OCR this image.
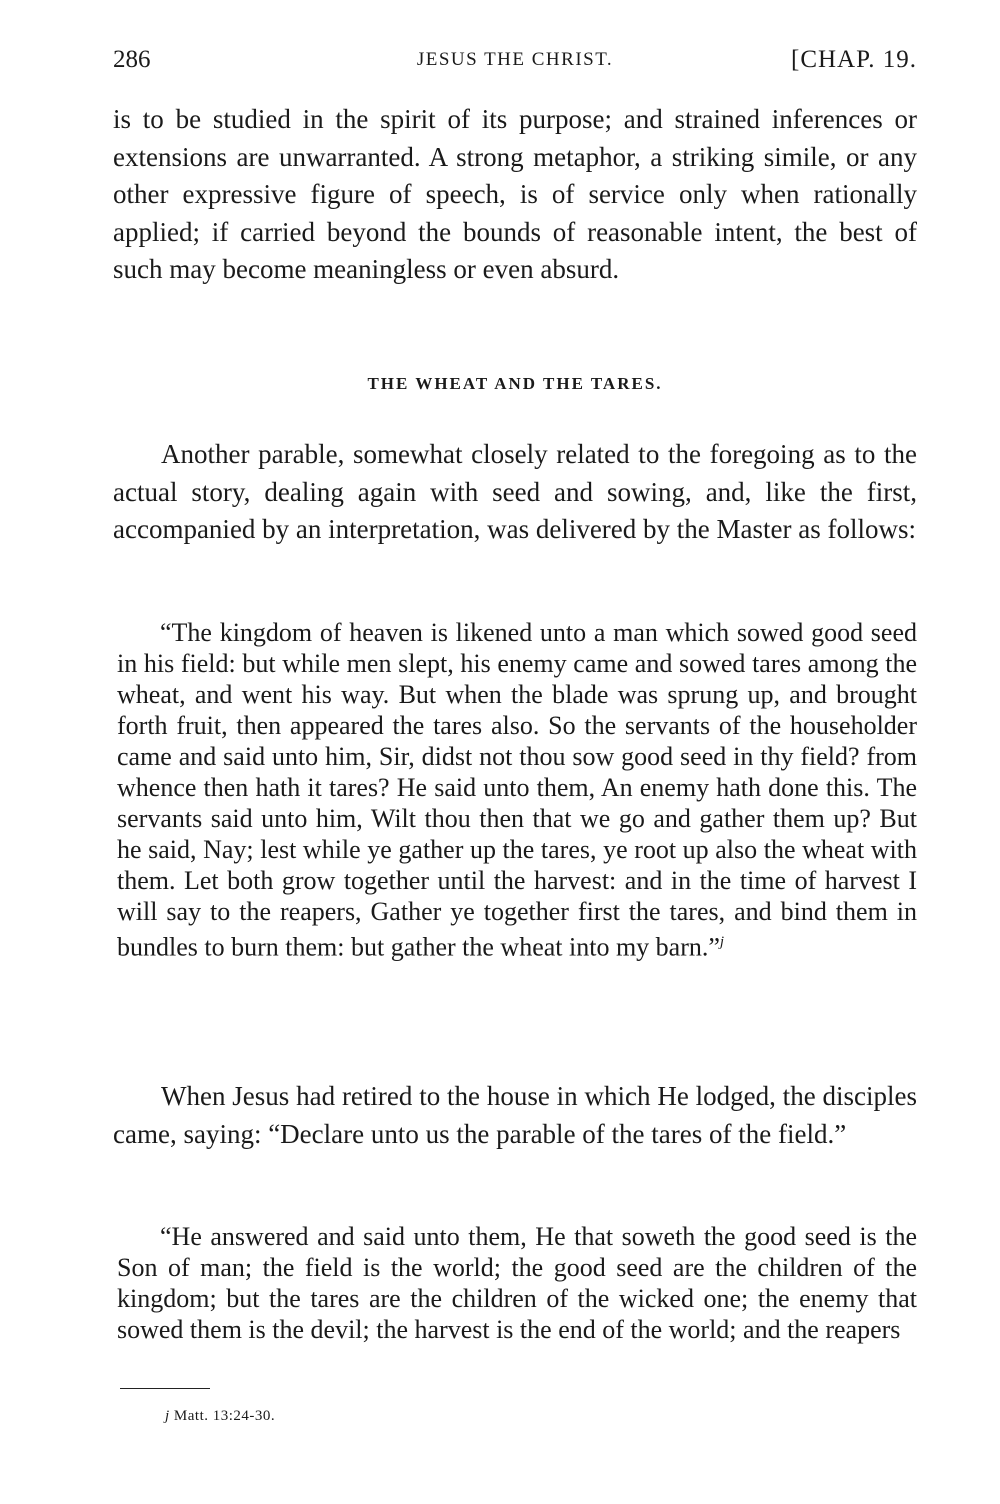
286	JESUS THE CHRIST.	[CHAP. 19.

is to be studied in the spirit of its purpose; and strained inferences or extensions are unwarranted. A strong metaphor, a striking simile, or any other expressive figure of speech, is of service only when rationally applied; if carried beyond the bounds of reasonable intent, the best of such may become meaningless or even absurd.

THE WHEAT AND THE TARES.

Another parable, somewhat closely related to the foregoing as to the actual story, dealing again with seed and sowing, and, like the first, accompanied by an interpretation, was delivered by the Master as follows:

“The kingdom of heaven is likened unto a man which sowed good seed in his field: but while men slept, his enemy came and sowed tares among the wheat, and went his way. But when the blade was sprung up, and brought forth fruit, then appeared the tares also. So the servants of the householder came and said unto him, Sir, didst not thou sow good seed in thy field? from whence then hath it tares? He said unto them, An enemy hath done this. The servants said unto him, Wilt thou then that we go and gather them up? But he said, Nay; lest while ye gather up the tares, ye root up also the wheat with them. Let both grow together until the harvest: and in the time of harvest I will say to the reapers, Gather ye together first the tares, and bind them in bundles to burn them: but gather the wheat into my barn.”$^j$

When Jesus had retired to the house in which He lodged, the disciples came, saying: “Declare unto us the parable of the tares of the field.”

“He answered and said unto them, He that soweth the good seed is the Son of man; the field is the world; the good seed are the children of the kingdom; but the tares are the children of the wicked one; the enemy that sowed them is the devil; the harvest is the end of the world; and the reapers

j Matt. 13:24-30.
